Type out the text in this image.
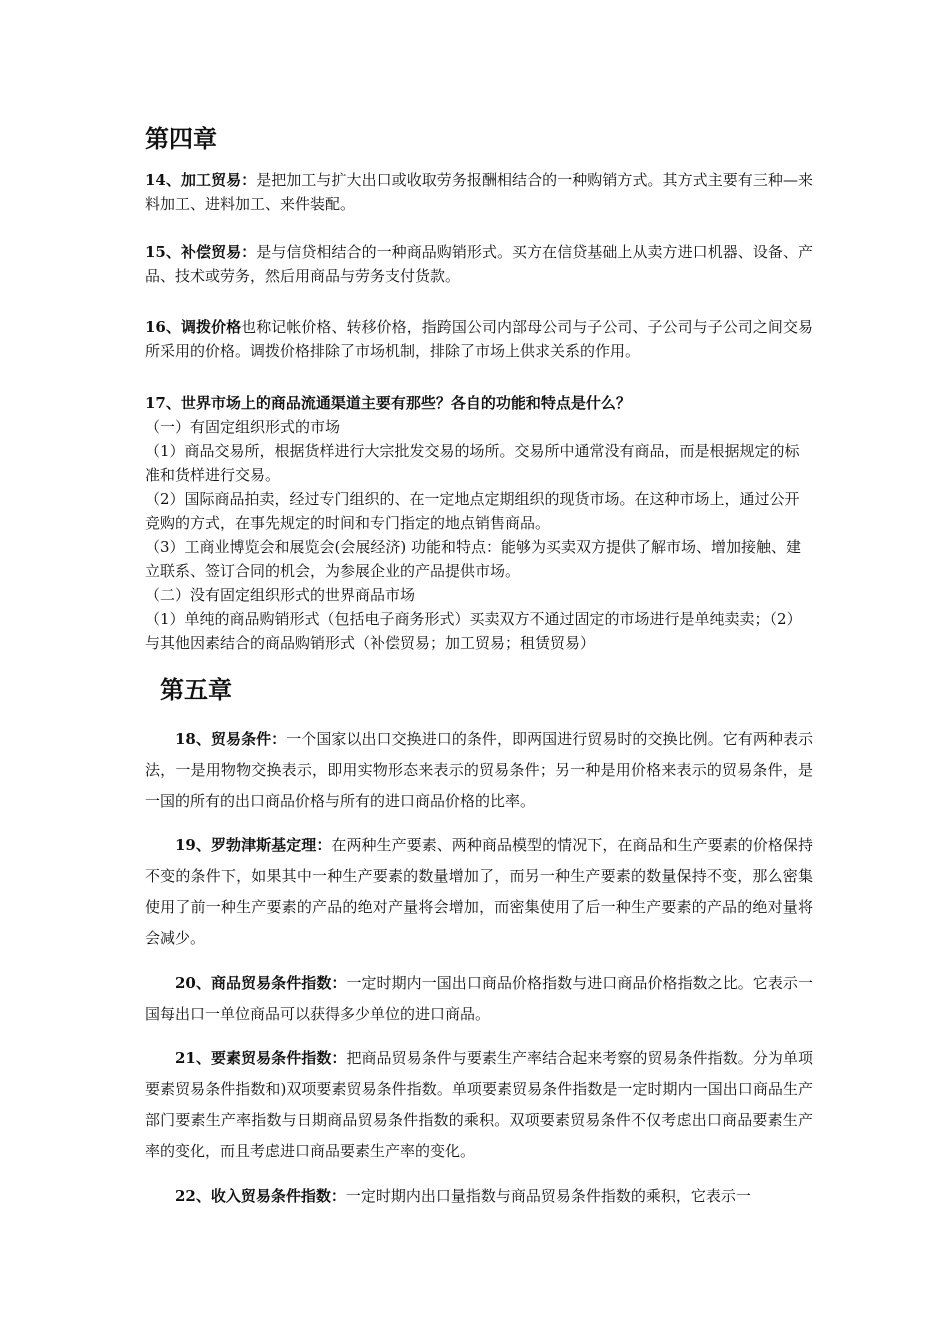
第四章

14、加工贸易：是把加工与扩大出口或收取劳务报酬相结合的一种购销方式。其方式主要有三种—来料加工、进料加工、来件装配。

15、补偿贸易：是与信贷相结合的一种商品购销形式。买方在信贷基础上从卖方进口机器、设备、产品、技术或劳务，然后用商品与劳务支付货款。

16、调拨价格也称记帐价格、转移价格，指跨国公司内部母公司与子公司、子公司与子公司之间交易所采用的价格。调拨价格排除了市场机制，排除了市场上供求关系的作用。

17、世界市场上的商品流通渠道主要有那些？各自的功能和特点是什么？
（一）有固定组织形式的市场
（1）商品交易所，根据货样进行大宗批发交易的场所。交易所中通常没有商品，而是根据规定的标准和货样进行交易。
（2）国际商品拍卖，经过专门组织的、在一定地点定期组织的现货市场。在这种市场上，通过公开竞购的方式，在事先规定的时间和专门指定的地点销售商品。
（3）工商业博览会和展览会(会展经济) 功能和特点：能够为买卖双方提供了解市场、增加接触、建立联系、签订合同的机会，为参展企业的产品提供市场。
（二）没有固定组织形式的世界商品市场
（1）单纯的商品购销形式（包括电子商务形式）买卖双方不通过固定的市场进行是单纯卖卖；（2）与其他因素结合的商品购销形式（补偿贸易；加工贸易；租赁贸易）
第五章

18、贸易条件：一个国家以出口交换进口的条件，即两国进行贸易时的交换比例。它有两种表示法，一是用物物交换表示，即用实物形态来表示的贸易条件；另一种是用价格来表示的贸易条件，是一国的所有的出口商品价格与所有的进口商品价格的比率。

19、罗勃津斯基定理：在两种生产要素、两种商品模型的情况下，在商品和生产要素的价格保持不变的条件下，如果其中一种生产要素的数量增加了，而另一种生产要素的数量保持不变，那么密集使用了前一种生产要素的产品的绝对产量将会增加，而密集使用了后一种生产要素的产品的绝对量将会减少。

20、商品贸易条件指数：一定时期内一国出口商品价格指数与进口商品价格指数之比。它表示一国每出口一单位商品可以获得多少单位的进口商品。

21、要素贸易条件指数：把商品贸易条件与要素生产率结合起来考察的贸易条件指数。分为单项要素贸易条件指数和)双项要素贸易条件指数。单项要素贸易条件指数是一定时期内一国出口商品生产部门要素生产率指数与日期商品贸易条件指数的乘积。双项要素贸易条件不仅考虑出口商品要素生产率的变化，而且考虑进口商品要素生产率的变化。

22、收入贸易条件指数：一定时期内出口量指数与商品贸易条件指数的乘积，它表示一
